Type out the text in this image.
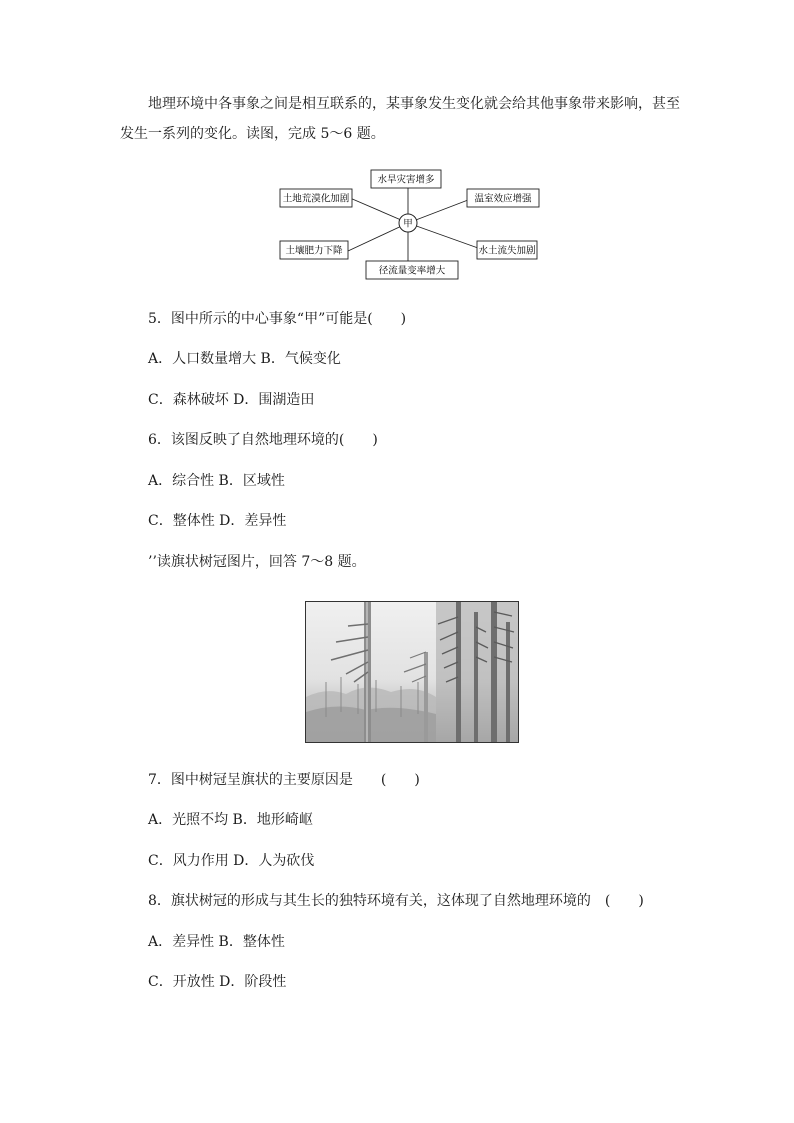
地理环境中各事象之间是相互联系的，某事象发生变化就会给其他事象带来影响，甚至
发生一系列的变化。读图，完成 5～6 题。
甲
水旱灾害增多
温室效应增强
水土流失加剧
径流量变率增大
土壤肥力下降
土地荒漠化加剧
5．图中所示的中心事象“甲”可能是(　　)
A．人口数量增大 B．气候变化
C．森林破坏 D．围湖造田
6．该图反映了自然地理环境的(　　)
A．综合性 B．区域性
C．整体性 D．差异性
’’读旗状树冠图片，回答 7～8 题。
7．图中树冠呈旗状的主要原因是　　(　　)
A．光照不均 B．地形崎岖
C．风力作用 D．人为砍伐
8．旗状树冠的形成与其生长的独特环境有关，这体现了自然地理环境的　(　　)
A．差异性 B．整体性
C．开放性 D．阶段性
